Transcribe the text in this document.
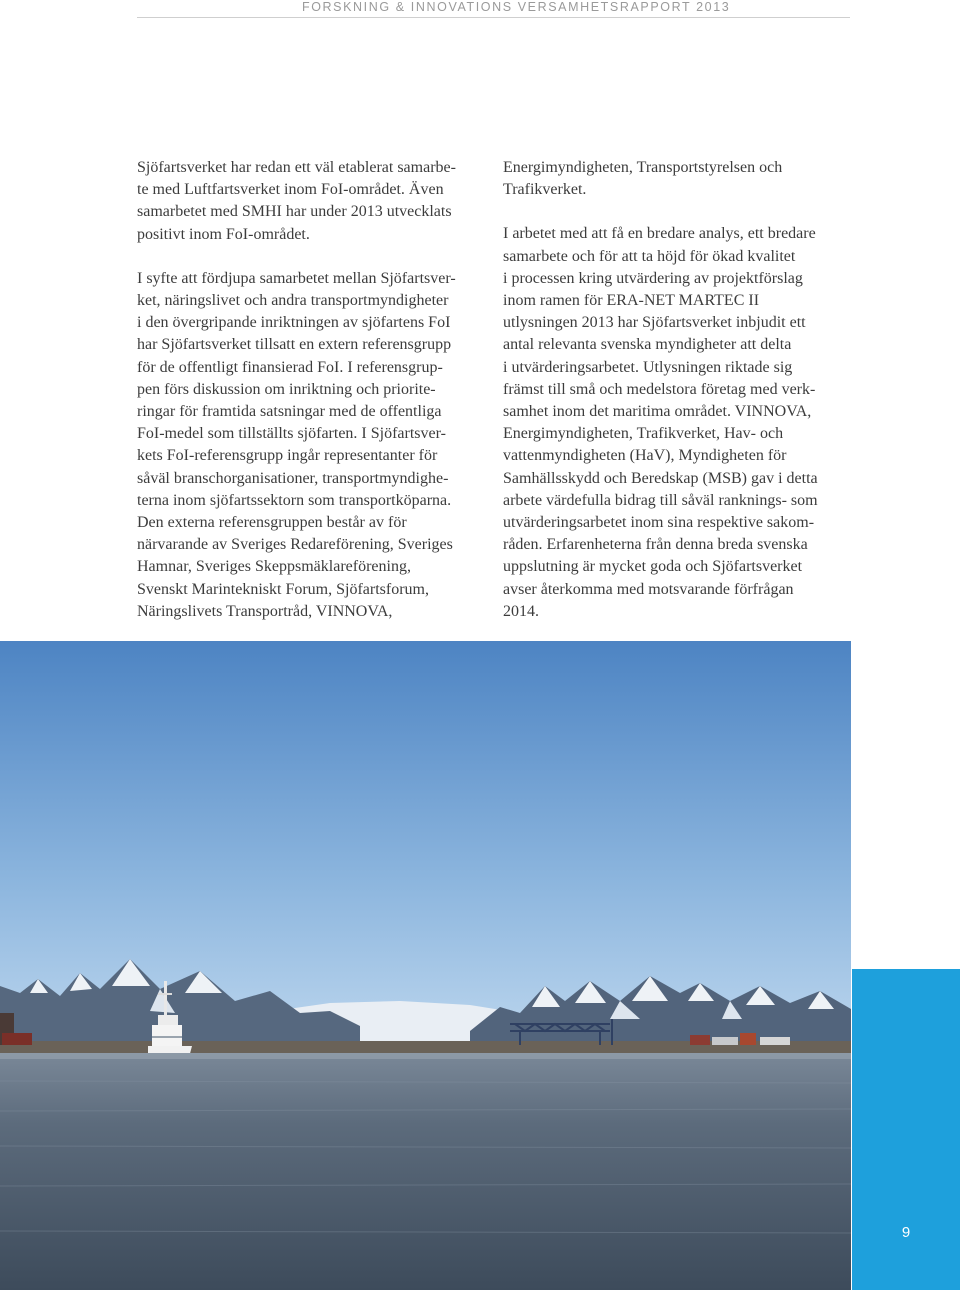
FORSKNING & INNOVATIONS VERSAMHETSRAPPORT 2013

Sjöfartsverket har redan ett väl etablerat samarbe-
te med Luftfartsverket inom FoI-området. Även
samarbetet med SMHI har under 2013 utvecklats
positivt inom FoI-området.

I syfte att fördjupa samarbetet mellan Sjöfartsver-
ket, näringslivet och andra transportmyndigheter
i den övergripande inriktningen av sjöfartens FoI
har Sjöfartsverket tillsatt en extern referensgrupp
för de offentligt finansierad FoI. I referensgrup-
pen förs diskussion om inriktning och priorite-
ringar för framtida satsningar med de offentliga
FoI-medel som tillställts sjöfarten. I Sjöfartsver-
kets FoI-referensgrupp ingår representanter för
såväl branschorganisationer, transportmyndighe-
terna inom sjöfartssektorn som transportköparna.
Den externa referensgruppen består av för
närvarande av Sveriges Redareförening, Sveriges
Hamnar, Sveriges Skeppsmäklareförening,
Svenskt Marintekniskt Forum, Sjöfartsforum,
Näringslivets Transportråd, VINNOVA,

Energimyndigheten, Transportstyrelsen och
Trafikverket.

I arbetet med att få en bredare analys, ett bredare
samarbete och för att ta höjd för ökad kvalitet
i processen kring utvärdering av projektförslag
inom ramen för ERA-NET MARTEC II
utlysningen 2013 har Sjöfartsverket inbjudit ett
antal relevanta svenska myndigheter att delta
i utvärderingsarbetet. Utlysningen riktade sig
främst till små och medelstora företag med verk-
samhet inom det maritima området. VINNOVA,
Energimyndigheten, Trafikverket, Hav- och
vattenmyndigheten (HaV), Myndigheten för
Samhällsskydd och Beredskap (MSB) gav i detta
arbete värdefulla bidrag till såväl ranknings- som
utvärderingsarbetet inom sina respektive sakom-
råden. Erfarenheterna från denna breda svenska
uppslutning är mycket goda och Sjöfartsverket
avser återkomma med motsvarande förfrågan
2014.

9
